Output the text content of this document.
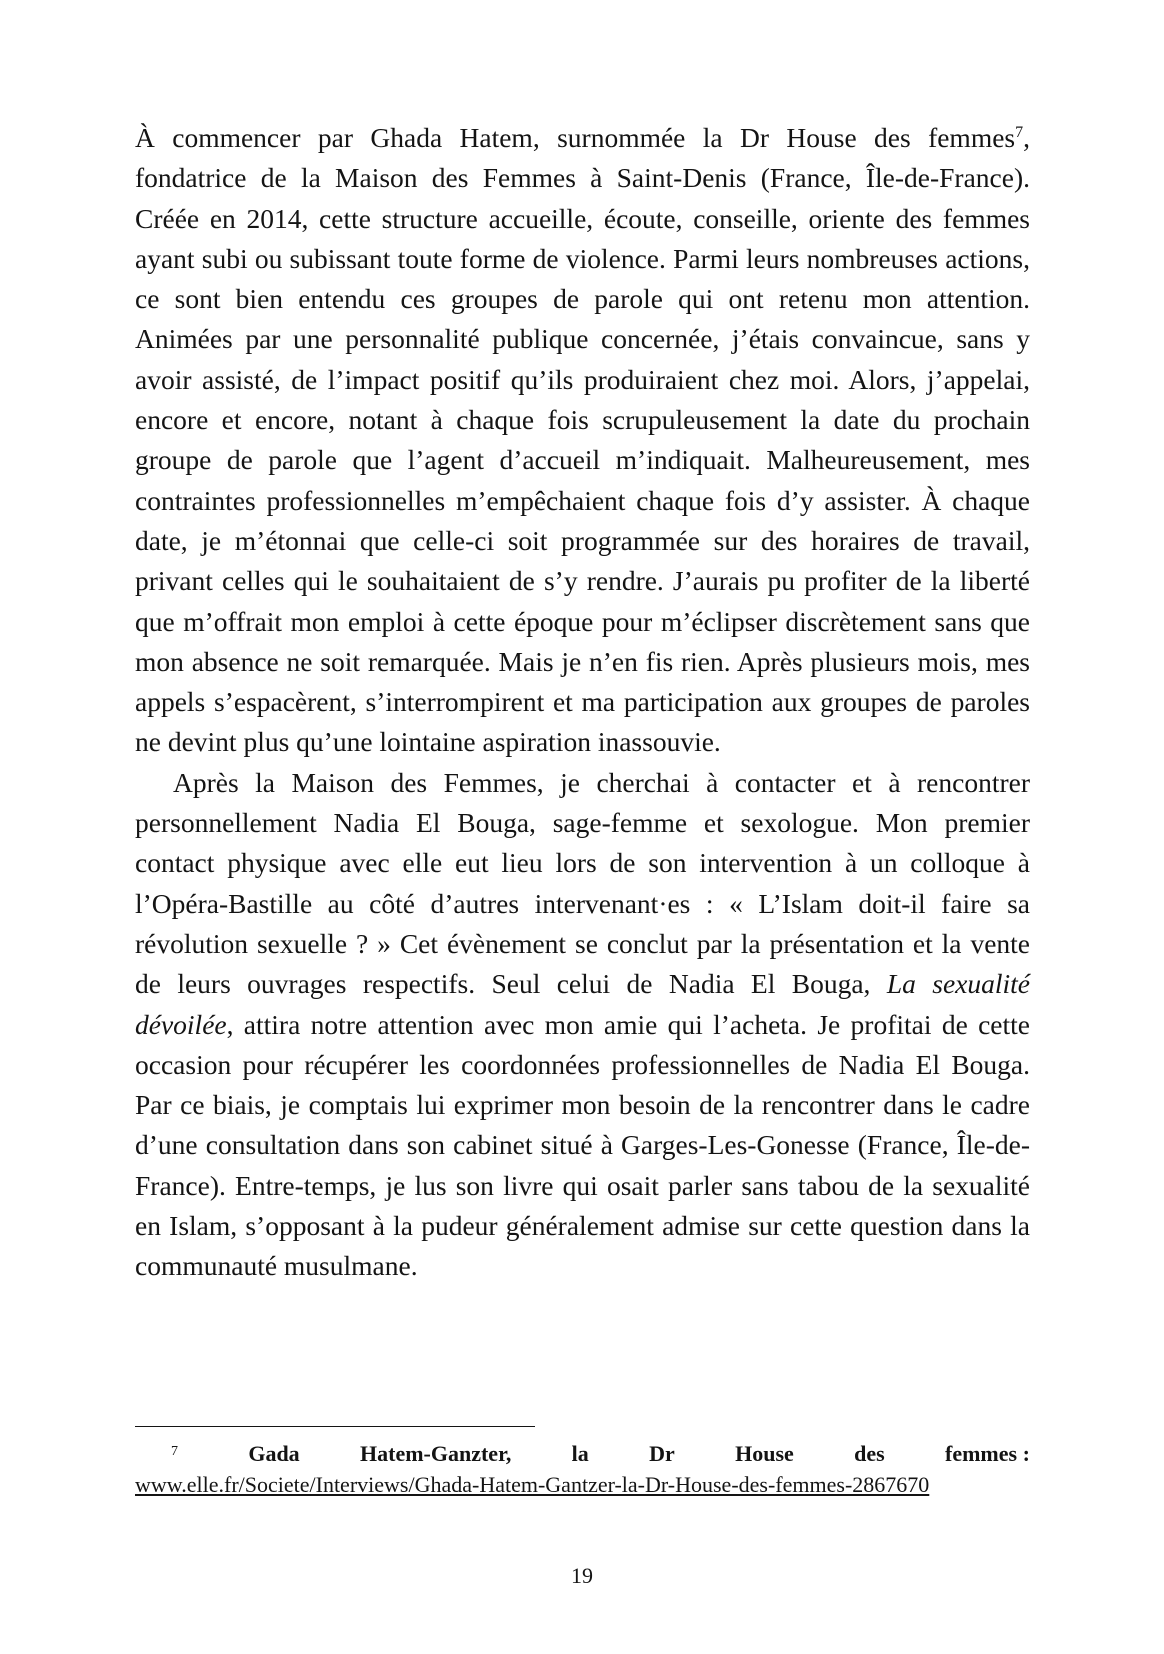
À commencer par Ghada Hatem, surnommée la Dr House des femmes$^7$, fondatrice de la Maison des Femmes à Saint-Denis (France, Île-de-France). Créée en 2014, cette structure accueille, écoute, conseille, oriente des femmes ayant subi ou subissant toute forme de violence. Parmi leurs nombreuses actions, ce sont bien entendu ces groupes de parole qui ont retenu mon attention. Animées par une personnalité publique concernée, j’étais convaincue, sans y avoir assisté, de l’impact positif qu’ils produiraient chez moi. Alors, j’appelai, encore et encore, notant à chaque fois scrupuleusement la date du prochain groupe de parole que l’agent d’accueil m’indiquait. Malheureusement, mes contraintes professionnelles m’empêchaient chaque fois d’y assister. À chaque date, je m’étonnai que celle-ci soit programmée sur des horaires de travail, privant celles qui le souhaitaient de s’y rendre. J’aurais pu profiter de la liberté que m’offrait mon emploi à cette époque pour m’éclipser discrètement sans que mon absence ne soit remarquée. Mais je n’en fis rien. Après plusieurs mois, mes appels s’espacèrent, s’interrompirent et ma participation aux groupes de paroles ne devint plus qu’une lointaine aspiration inassouvie.

Après la Maison des Femmes, je cherchai à contacter et à rencontrer personnellement Nadia El Bouga, sage-femme et sexologue. Mon premier contact physique avec elle eut lieu lors de son intervention à un colloque à l’Opéra-Bastille au côté d’autres intervenant·es : « L’Islam doit-il faire sa révolution sexuelle ? » Cet évènement se conclut par la présentation et la vente de leurs ouvrages respectifs. Seul celui de Nadia El Bouga, La sexualité dévoilée, attira notre attention avec mon amie qui l’acheta. Je profitai de cette occasion pour récupérer les coordonnées professionnelles de Nadia El Bouga. Par ce biais, je comptais lui exprimer mon besoin de la rencontrer dans le cadre d’une consultation dans son cabinet situé à Garges-Les-Gonesse (France, Île-de-France). Entre-temps, je lus son livre qui osait parler sans tabou de la sexualité en Islam, s’opposant à la pudeur généralement admise sur cette question dans la communauté musulmane.

7	Gada	Hatem-Ganzter,	la	Dr	House	des	femmes :
www.elle.fr/Societe/Interviews/Ghada-Hatem-Gantzer-la-Dr-House-des-femmes-2867670
19
